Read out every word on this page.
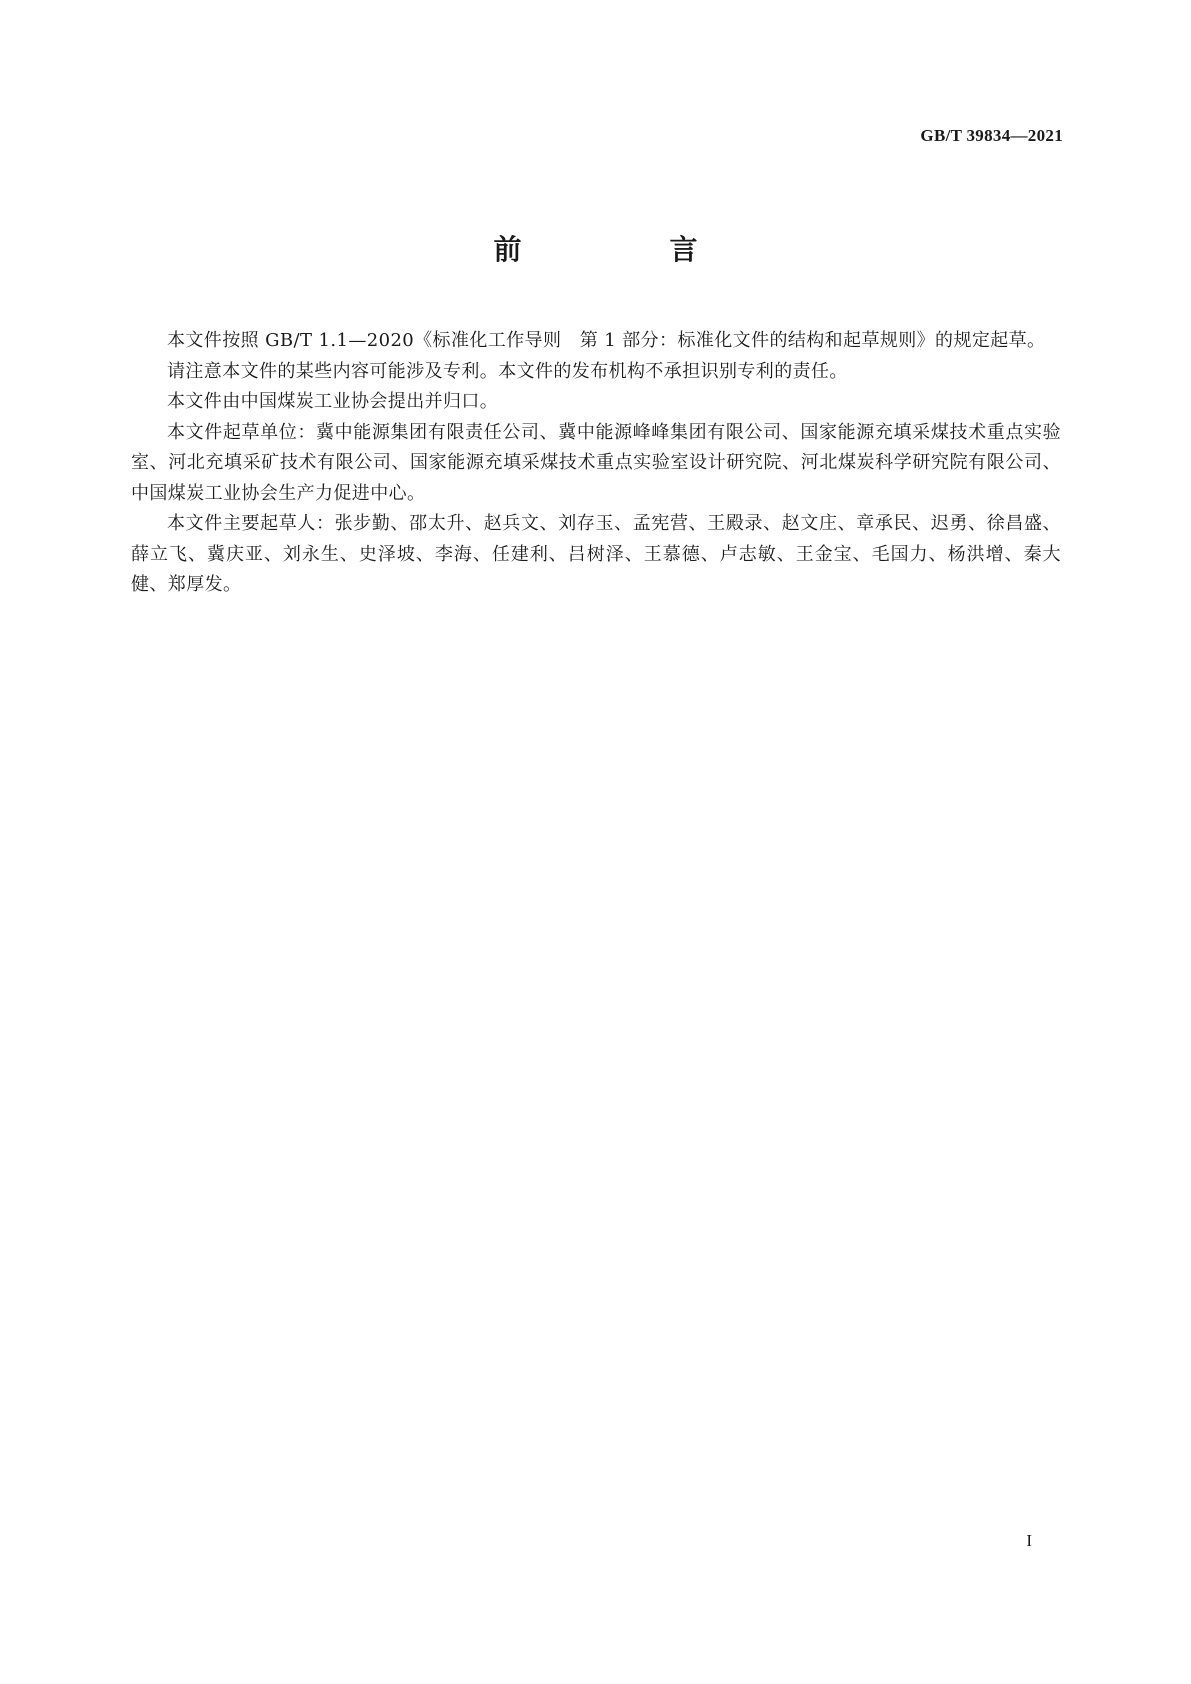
GB/T 39834—2021
前　言

本文件按照 GB/T 1.1—2020《标准化工作导则　第 1 部分：标准化文件的结构和起草规则》的规定起草。

请注意本文件的某些内容可能涉及专利。本文件的发布机构不承担识别专利的责任。

本文件由中国煤炭工业协会提出并归口。

本文件起草单位：冀中能源集团有限责任公司、冀中能源峰峰集团有限公司、国家能源充填采煤技术重点实验室、河北充填采矿技术有限公司、国家能源充填采煤技术重点实验室设计研究院、河北煤炭科学研究院有限公司、中国煤炭工业协会生产力促进中心。

本文件主要起草人：张步勤、邵太升、赵兵文、刘存玉、孟宪营、王殿录、赵文庄、章承民、迟勇、徐昌盛、薛立飞、冀庆亚、刘永生、史泽坡、李海、任建利、吕树泽、王慕德、卢志敏、王金宝、毛国力、杨洪增、秦大健、郑厚发。

I
